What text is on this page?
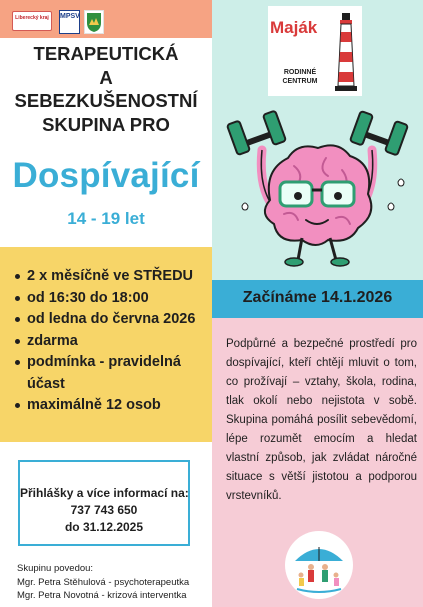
Liberecký kraj	MPSV
TERAPEUTICKÁ
A
SEBEZKUŠENOSTNÍ
SKUPINA PRO
Dospívající
14 - 19 let
2 x měsíčně ve STŘEDU
od 16:30 do 18:00
od ledna do června 2026
zdarma
podmínka - pravidelná účast
maximálně 12 osob
Přihlášky a více informací na:
737 743 650
do 31.12.2025
Skupinu povedou:
Mgr. Petra Stěhulová - psychoterapeutka
Mgr. Petra Novotná - krizová interventka
Maják
RODINNÉ
CENTRUM
Začínáme 14.1.2026
Podpůrné a bezpečné prostředí pro dospívající, kteří chtějí mluvit o tom, co prožívají – vztahy, škola, rodina, tlak okolí nebo nejistota v sobě. Skupina pomáhá posílit sebevědomí, lépe rozumět emocím a hledat vlastní způsob, jak zvládat náročné situace s větší jistotou a podporou vrstevníků.
